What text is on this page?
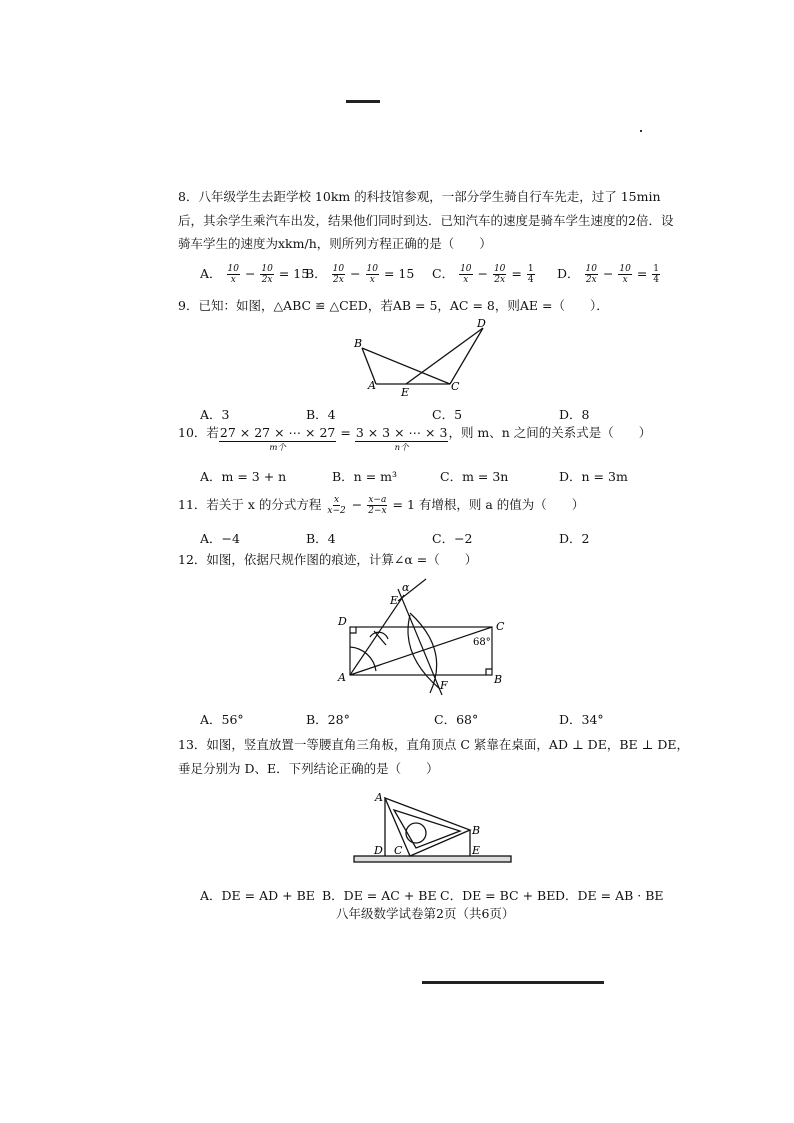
8．八年级学生去距学校 10km 的科技馆参观，一部分学生骑自行车先走，过了 15min
后，其余学生乘汽车出发，结果他们同时到达．已知汽车的速度是骑车学生速度的2倍．设
骑车学生的速度为xkm/h，则所列方程正确的是（　　）
A． $\frac{10}{x} - \frac{10}{2x} = 15$
B． $\frac{10}{2x} - \frac{10}{x} = 15$ C． $\frac{10}{x} - \frac{10}{2x} = \frac{1}{4}$ D． $\frac{10}{2x} - \frac{10}{x} = \frac{1}{4}$
9．已知：如图，△ABC ≌ △CED，若AB = 5，AC = 8，则AE =（　　）．
B
A
E	C
D
A．3	B．4	C．5	D．8
10．若 27 × 27 × ⋯ × 27
m个
= 3 × 3 × ⋯ × 3
n个
，则 m、n 之间的关系式是（　　）
A．m = 3 + n	B．n = m³	C．m = 3n	D．n = 3m
11．若关于 x 的分式方程 $\frac{x}{x-2} - \frac{x-a}{2-x} = 1$ 有增根，则 a 的值为（　　）
A．−4	B．4	C．−2	D．2
12．如图，依据尺规作图的痕迹，计算∠α =（　　）
α
E
D	C
68°
A
F	B
A．56°	B．28°	C．68°	D．34°
13．如图，竖直放置一等腰直角三角板，直角顶点 C 紧靠在桌面，AD ⊥ DE，BE ⊥ DE，
垂足分别为 D、E．下列结论正确的是（　　）
A
D C
B
E
A．DE = AD + BE B．DE = AC + BE C．DE = BC + BE D．DE = AB · BE
八年级数学试卷第2页（共6页）
